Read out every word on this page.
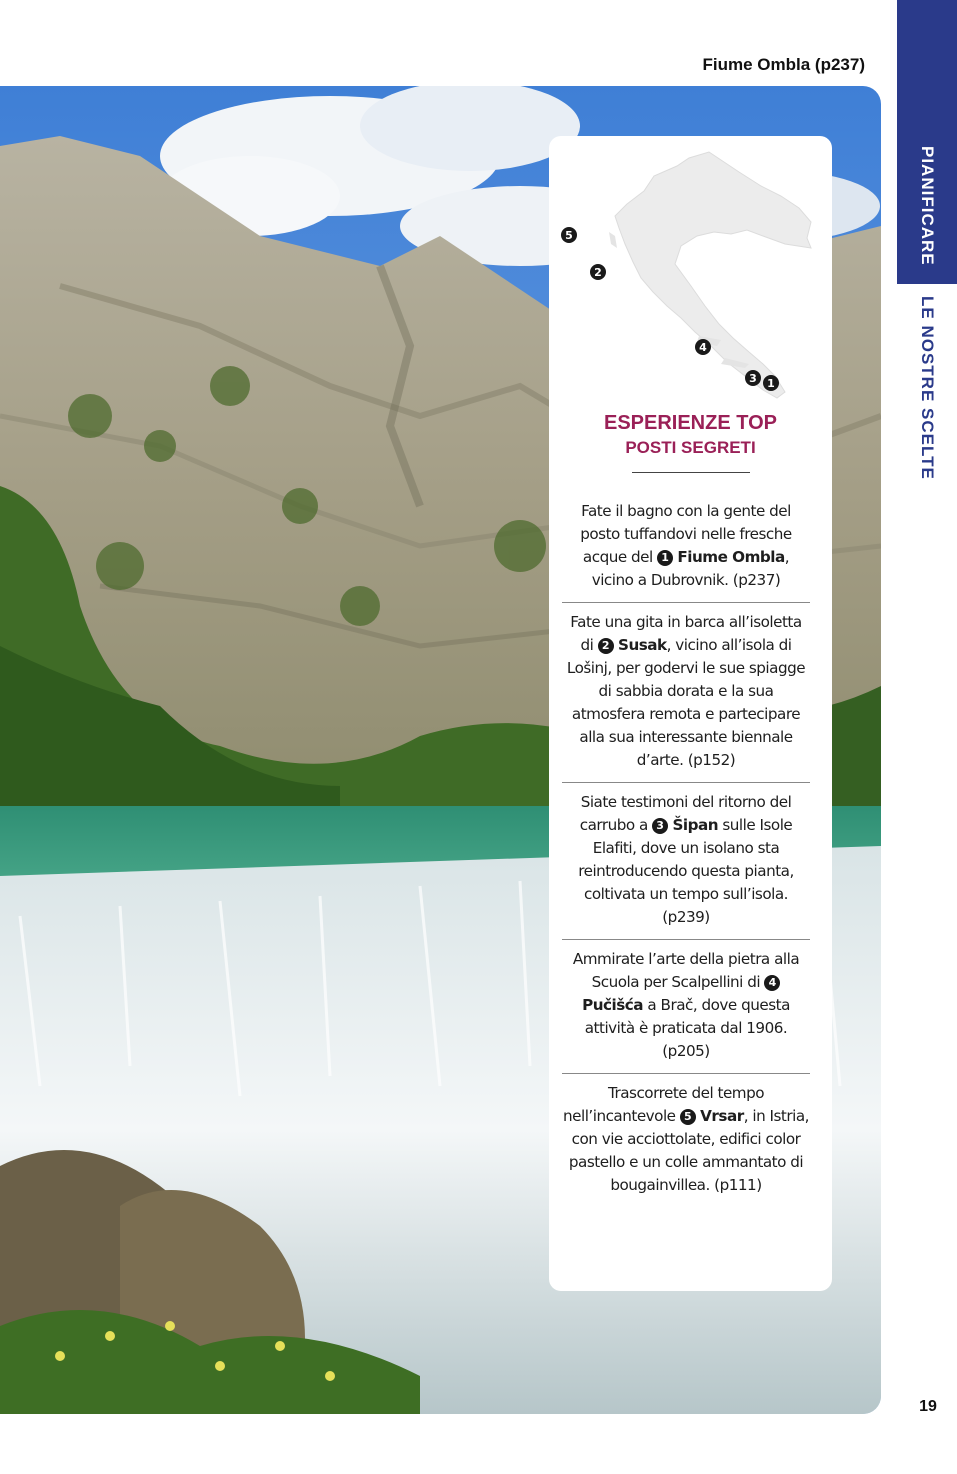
Fiume Ombla (p237)
PIANIFICARE
LE NOSTRE SCELTE
5
2
4
3 1
ESPERIENZE TOP
POSTI SEGRETI
Fate il bagno con la gente del posto tuffandovi nelle fresche acque del 1 Fiume Ombla, vicino a Dubrovnik. (p237)
Fate una gita in barca all’isoletta di 2 Susak, vicino all’isola di Lošinj, per godervi le sue spiagge di sabbia dorata e la sua atmosfera remota e partecipare alla sua interessante biennale d’arte. (p152)
Siate testimoni del ritorno del carrubo a 3 Šipan sulle Isole Elafiti, dove un isolano sta reintroducendo questa pianta, coltivata un tempo sull’isola. (p239)
Ammirate l’arte della pietra alla Scuola per Scalpellini di 4 Pučišća a Brač, dove questa attività è praticata dal 1906. (p205)
Trascorrete del tempo nell’incantevole 5 Vrsar, in Istria, con vie acciottolate, edifici color pastello e un colle ammantato di bougainvillea. (p111)
19
